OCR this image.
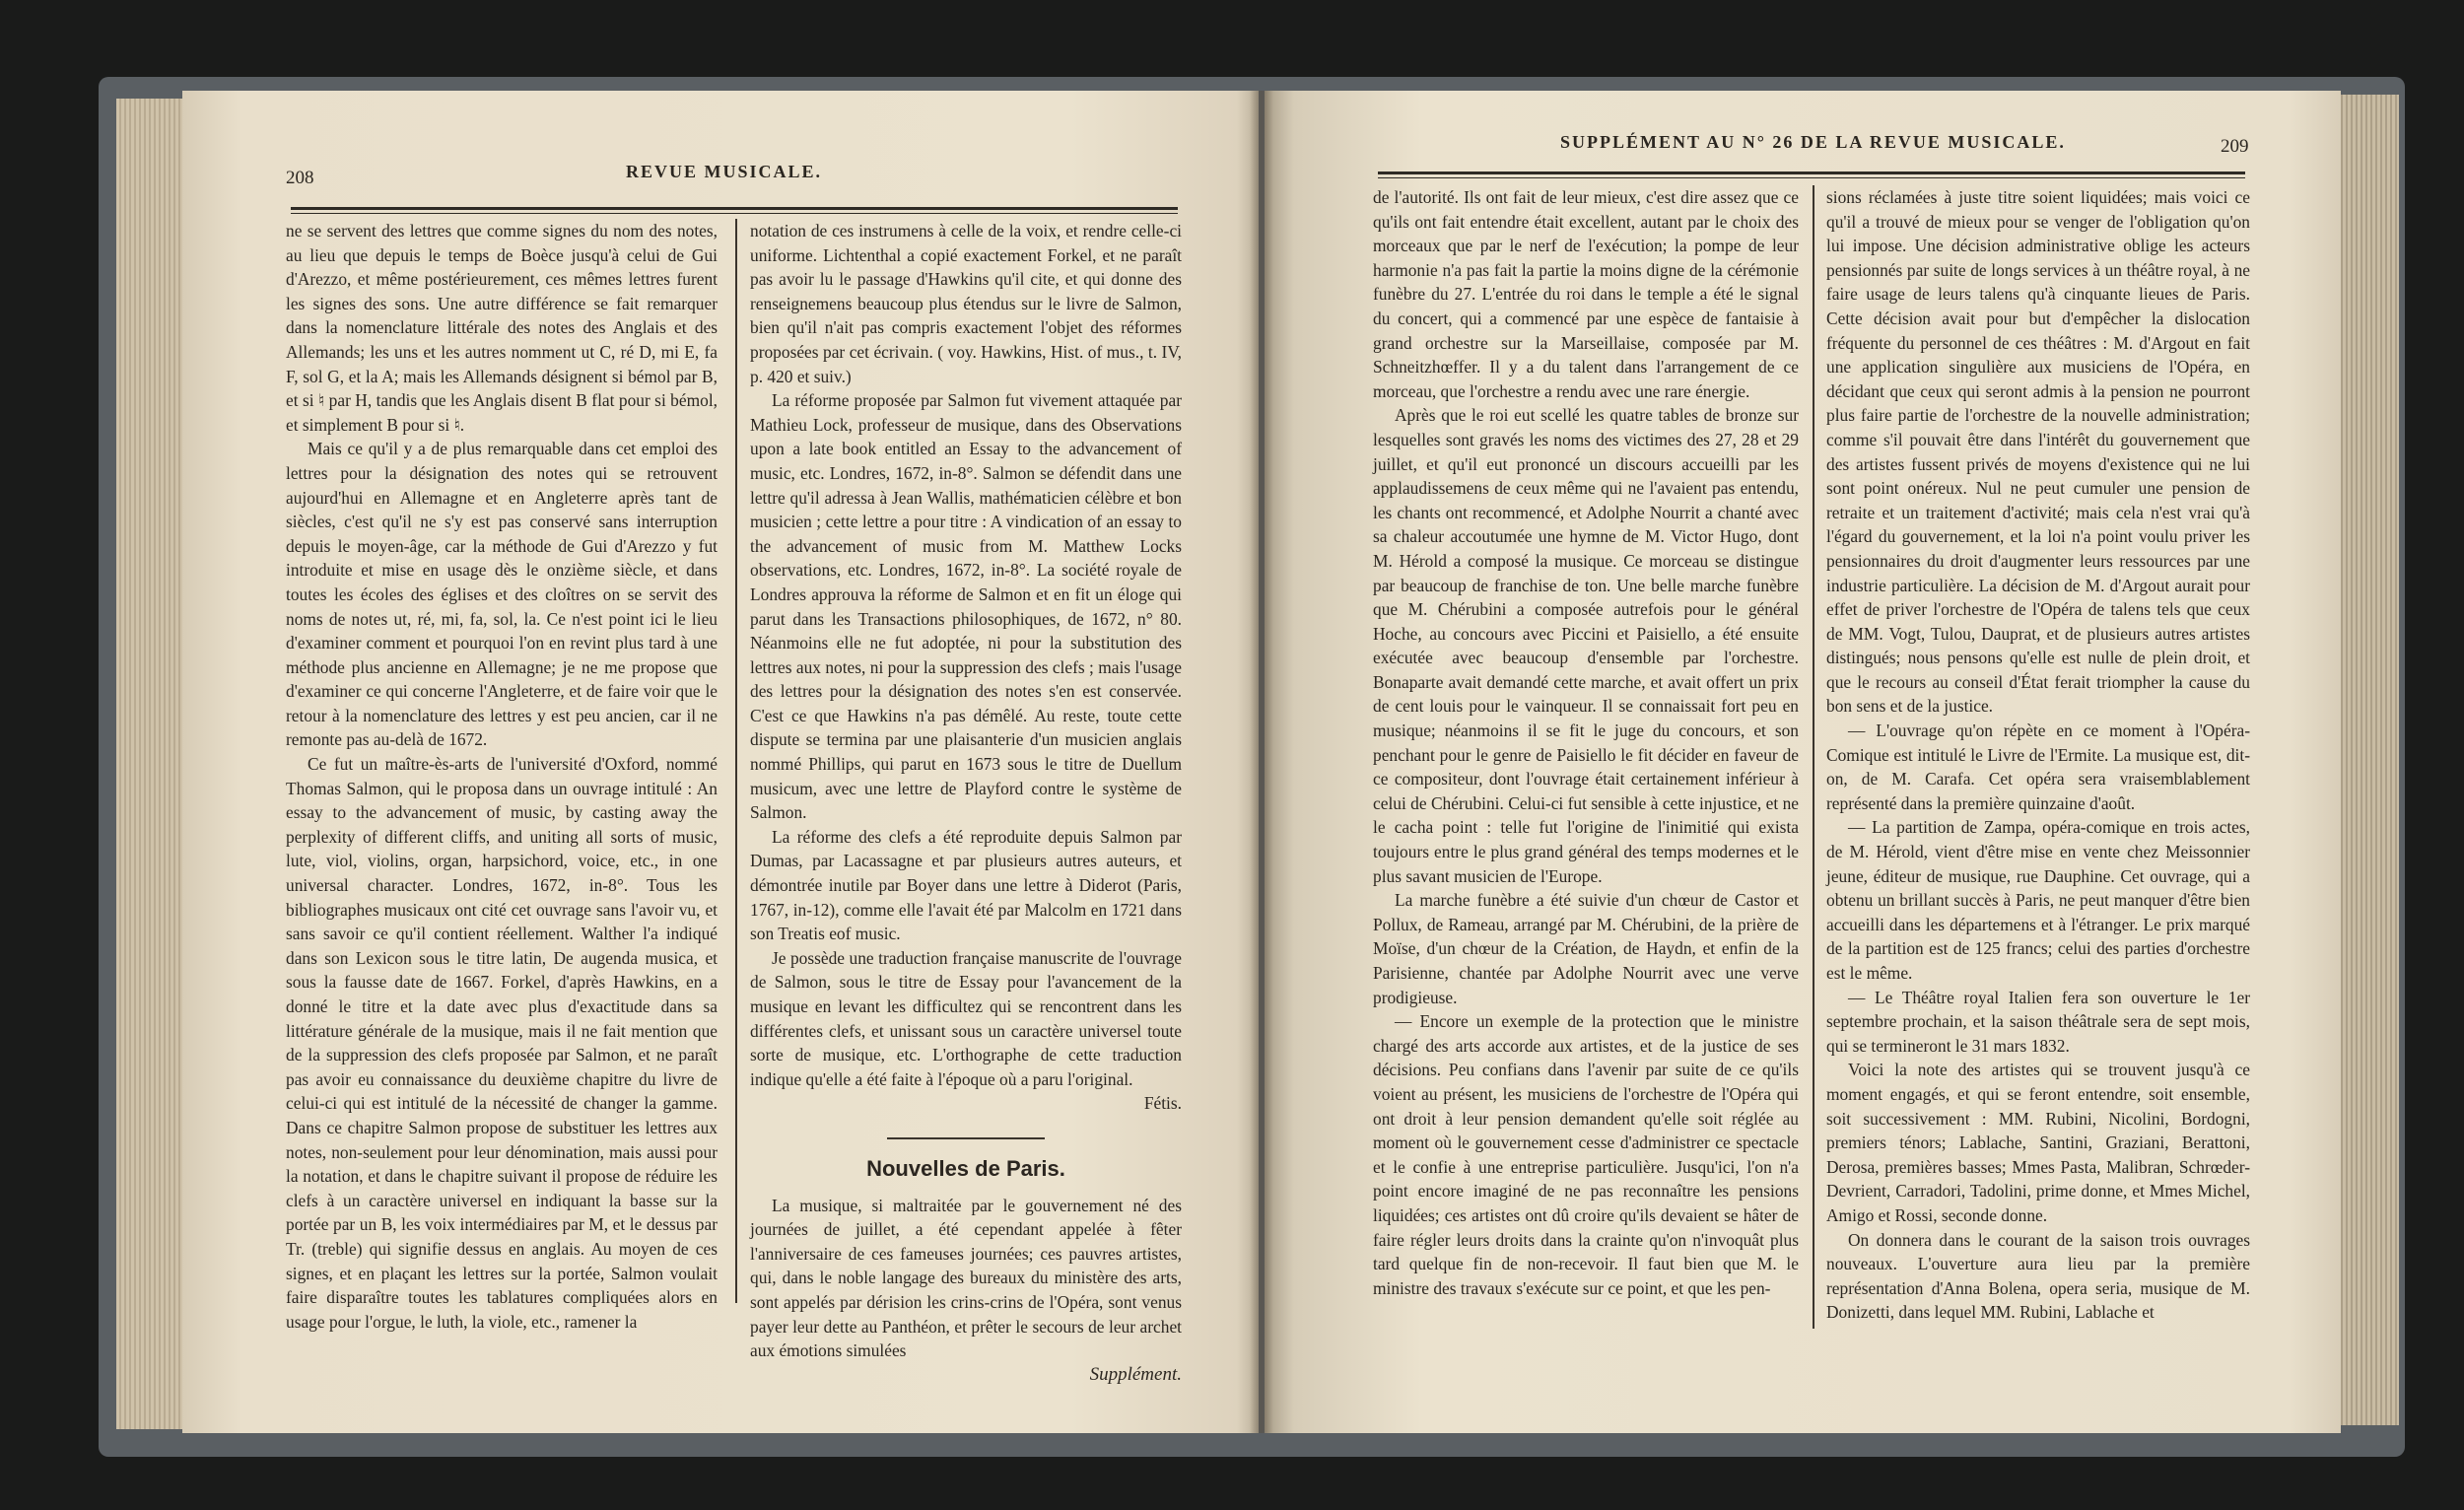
208	REVUE MUSICALE.

ne se servent des lettres que comme signes du nom des notes, au lieu que depuis le temps de Boèce jusqu'à celui de Gui d'Arezzo, et même postérieurement, ces mêmes lettres furent les signes des sons. Une autre différence se fait remarquer dans la nomenclature littérale des notes des Anglais et des Allemands; les uns et les autres nomment ut C, ré D, mi E, fa F, sol G, et la A; mais les Allemands désignent si bémol par B, et si ♮ par H, tandis que les Anglais disent B flat pour si bémol, et simplement B pour si ♮.

Mais ce qu'il y a de plus remarquable dans cet emploi des lettres pour la désignation des notes qui se retrouvent aujourd'hui en Allemagne et en Angleterre après tant de siècles, c'est qu'il ne s'y est pas conservé sans interruption depuis le moyen-âge, car la méthode de Gui d'Arezzo y fut introduite et mise en usage dès le onzième siècle, et dans toutes les écoles des églises et des cloîtres on se servit des noms de notes ut, ré, mi, fa, sol, la. Ce n'est point ici le lieu d'examiner comment et pourquoi l'on en revint plus tard à une méthode plus ancienne en Allemagne; je ne me propose que d'examiner ce qui concerne l'Angleterre, et de faire voir que le retour à la nomenclature des lettres y est peu ancien, car il ne remonte pas au-delà de 1672.

Ce fut un maître-ès-arts de l'université d'Oxford, nommé Thomas Salmon, qui le proposa dans un ouvrage intitulé : An essay to the advancement of music, by casting away the perplexity of different cliffs, and uniting all sorts of music, lute, viol, violins, organ, harpsichord, voice, etc., in one universal character. Londres, 1672, in-8°. Tous les bibliographes musicaux ont cité cet ouvrage sans l'avoir vu, et sans savoir ce qu'il contient réellement. Walther l'a indiqué dans son Lexicon sous le titre latin, De augenda musica, et sous la fausse date de 1667. Forkel, d'après Hawkins, en a donné le titre et la date avec plus d'exactitude dans sa littérature générale de la musique, mais il ne fait mention que de la suppression des clefs proposée par Salmon, et ne paraît pas avoir eu connaissance du deuxième chapitre du livre de celui-ci qui est intitulé de la nécessité de changer la gamme. Dans ce chapitre Salmon propose de substituer les lettres aux notes, non-seulement pour leur dénomination, mais aussi pour la notation, et dans le chapitre suivant il propose de réduire les clefs à un caractère universel en indiquant la basse sur la portée par un B, les voix intermédiaires par M, et le dessus par Tr. (treble) qui signifie dessus en anglais. Au moyen de ces signes, et en plaçant les lettres sur la portée, Salmon voulait faire disparaître toutes les tablatures compliquées alors en usage pour l'orgue, le luth, la viole, etc., ramener la

notation de ces instrumens à celle de la voix, et rendre celle-ci uniforme. Lichtenthal a copié exactement Forkel, et ne paraît pas avoir lu le passage d'Hawkins qu'il cite, et qui donne des renseignemens beaucoup plus étendus sur le livre de Salmon, bien qu'il n'ait pas compris exactement l'objet des réformes proposées par cet écrivain. ( voy. Hawkins, Hist. of mus., t. IV, p. 420 et suiv.)

La réforme proposée par Salmon fut vivement attaquée par Mathieu Lock, professeur de musique, dans des Observations upon a late book entitled an Essay to the advancement of music, etc. Londres, 1672, in-8°. Salmon se défendit dans une lettre qu'il adressa à Jean Wallis, mathématicien célèbre et bon musicien ; cette lettre a pour titre : A vindication of an essay to the advancement of music from M. Matthew Locks observations, etc. Londres, 1672, in-8°. La société royale de Londres approuva la réforme de Salmon et en fit un éloge qui parut dans les Transactions philosophiques, de 1672, n° 80. Néanmoins elle ne fut adoptée, ni pour la substitution des lettres aux notes, ni pour la suppression des clefs ; mais l'usage des lettres pour la désignation des notes s'en est conservée. C'est ce que Hawkins n'a pas démêlé. Au reste, toute cette dispute se termina par une plaisanterie d'un musicien anglais nommé Phillips, qui parut en 1673 sous le titre de Duellum musicum, avec une lettre de Playford contre le système de Salmon.

La réforme des clefs a été reproduite depuis Salmon par Dumas, par Lacassagne et par plusieurs autres auteurs, et démontrée inutile par Boyer dans une lettre à Diderot (Paris, 1767, in-12), comme elle l'avait été par Malcolm en 1721 dans son Treatis eof music.

Je possède une traduction française manuscrite de l'ouvrage de Salmon, sous le titre de Essay pour l'avancement de la musique en levant les difficultez qui se rencontrent dans les différentes clefs, et unissant sous un caractère universel toute sorte de musique, etc. L'orthographe de cette traduction indique qu'elle a été faite à l'époque où a paru l'original.

Fétis.
Nouvelles de Paris.

La musique, si maltraitée par le gouvernement né des journées de juillet, a été cependant appelée à fêter l'anniversaire de ces fameuses journées; ces pauvres artistes, qui, dans le noble langage des bureaux du ministère des arts, sont appelés par dérision les crins-crins de l'Opéra, sont venus payer leur dette au Panthéon, et prêter le secours de leur archet aux émotions simulées

Supplément.
SUPPLÉMENT AU N° 26 DE LA REVUE MUSICALE.	209

de l'autorité. Ils ont fait de leur mieux, c'est dire assez que ce qu'ils ont fait entendre était excellent, autant par le choix des morceaux que par le nerf de l'exécution; la pompe de leur harmonie n'a pas fait la partie la moins digne de la cérémonie funèbre du 27. L'entrée du roi dans le temple a été le signal du concert, qui a commencé par une espèce de fantaisie à grand orchestre sur la Marseillaise, composée par M. Schneitzhœffer. Il y a du talent dans l'arrangement de ce morceau, que l'orchestre a rendu avec une rare énergie.

Après que le roi eut scellé les quatre tables de bronze sur lesquelles sont gravés les noms des victimes des 27, 28 et 29 juillet, et qu'il eut prononcé un discours accueilli par les applaudissemens de ceux même qui ne l'avaient pas entendu, les chants ont recommencé, et Adolphe Nourrit a chanté avec sa chaleur accoutumée une hymne de M. Victor Hugo, dont M. Hérold a composé la musique. Ce morceau se distingue par beaucoup de franchise de ton. Une belle marche funèbre que M. Chérubini a composée autrefois pour le général Hoche, au concours avec Piccini et Paisiello, a été ensuite exécutée avec beaucoup d'ensemble par l'orchestre. Bonaparte avait demandé cette marche, et avait offert un prix de cent louis pour le vainqueur. Il se connaissait fort peu en musique; néanmoins il se fit le juge du concours, et son penchant pour le genre de Paisiello le fit décider en faveur de ce compositeur, dont l'ouvrage était certainement inférieur à celui de Chérubini. Celui-ci fut sensible à cette injustice, et ne le cacha point : telle fut l'origine de l'inimitié qui exista toujours entre le plus grand général des temps modernes et le plus savant musicien de l'Europe.

La marche funèbre a été suivie d'un chœur de Castor et Pollux, de Rameau, arrangé par M. Chérubini, de la prière de Moïse, d'un chœur de la Création, de Haydn, et enfin de la Parisienne, chantée par Adolphe Nourrit avec une verve prodigieuse.

— Encore un exemple de la protection que le ministre chargé des arts accorde aux artistes, et de la justice de ses décisions. Peu confians dans l'avenir par suite de ce qu'ils voient au présent, les musiciens de l'orchestre de l'Opéra qui ont droit à leur pension demandent qu'elle soit réglée au moment où le gouvernement cesse d'administrer ce spectacle et le confie à une entreprise particulière. Jusqu'ici, l'on n'a point encore imaginé de ne pas reconnaître les pensions liquidées; ces artistes ont dû croire qu'ils devaient se hâter de faire régler leurs droits dans la crainte qu'on n'invoquât plus tard quelque fin de non-recevoir. Il faut bien que M. le ministre des travaux s'exécute sur ce point, et que les pen-

sions réclamées à juste titre soient liquidées; mais voici ce qu'il a trouvé de mieux pour se venger de l'obligation qu'on lui impose. Une décision administrative oblige les acteurs pensionnés par suite de longs services à un théâtre royal, à ne faire usage de leurs talens qu'à cinquante lieues de Paris. Cette décision avait pour but d'empêcher la dislocation fréquente du personnel de ces théâtres : M. d'Argout en fait une application singulière aux musiciens de l'Opéra, en décidant que ceux qui seront admis à la pension ne pourront plus faire partie de l'orchestre de la nouvelle administration; comme s'il pouvait être dans l'intérêt du gouvernement que des artistes fussent privés de moyens d'existence qui ne lui sont point onéreux. Nul ne peut cumuler une pension de retraite et un traitement d'activité; mais cela n'est vrai qu'à l'égard du gouvernement, et la loi n'a point voulu priver les pensionnaires du droit d'augmenter leurs ressources par une industrie particulière. La décision de M. d'Argout aurait pour effet de priver l'orchestre de l'Opéra de talens tels que ceux de MM. Vogt, Tulou, Dauprat, et de plusieurs autres artistes distingués; nous pensons qu'elle est nulle de plein droit, et que le recours au conseil d'État ferait triompher la cause du bon sens et de la justice.

— L'ouvrage qu'on répète en ce moment à l'Opéra-Comique est intitulé le Livre de l'Ermite. La musique est, dit-on, de M. Carafa. Cet opéra sera vraisemblablement représenté dans la première quinzaine d'août.

— La partition de Zampa, opéra-comique en trois actes, de M. Hérold, vient d'être mise en vente chez Meissonnier jeune, éditeur de musique, rue Dauphine. Cet ouvrage, qui a obtenu un brillant succès à Paris, ne peut manquer d'être bien accueilli dans les départemens et à l'étranger. Le prix marqué de la partition est de 125 francs; celui des parties d'orchestre est le même.

— Le Théâtre royal Italien fera son ouverture le 1er septembre prochain, et la saison théâtrale sera de sept mois, qui se termineront le 31 mars 1832.

Voici la note des artistes qui se trouvent jusqu'à ce moment engagés, et qui se feront entendre, soit ensemble, soit successivement : MM. Rubini, Nicolini, Bordogni, premiers ténors; Lablache, Santini, Graziani, Berattoni, Derosa, premières basses; Mmes Pasta, Malibran, Schrœder-Devrient, Carradori, Tadolini, prime donne, et Mmes Michel, Amigo et Rossi, seconde donne.

On donnera dans le courant de la saison trois ouvrages nouveaux. L'ouverture aura lieu par la première représentation d'Anna Bolena, opera seria, musique de M. Donizetti, dans lequel MM. Rubini, Lablache et
